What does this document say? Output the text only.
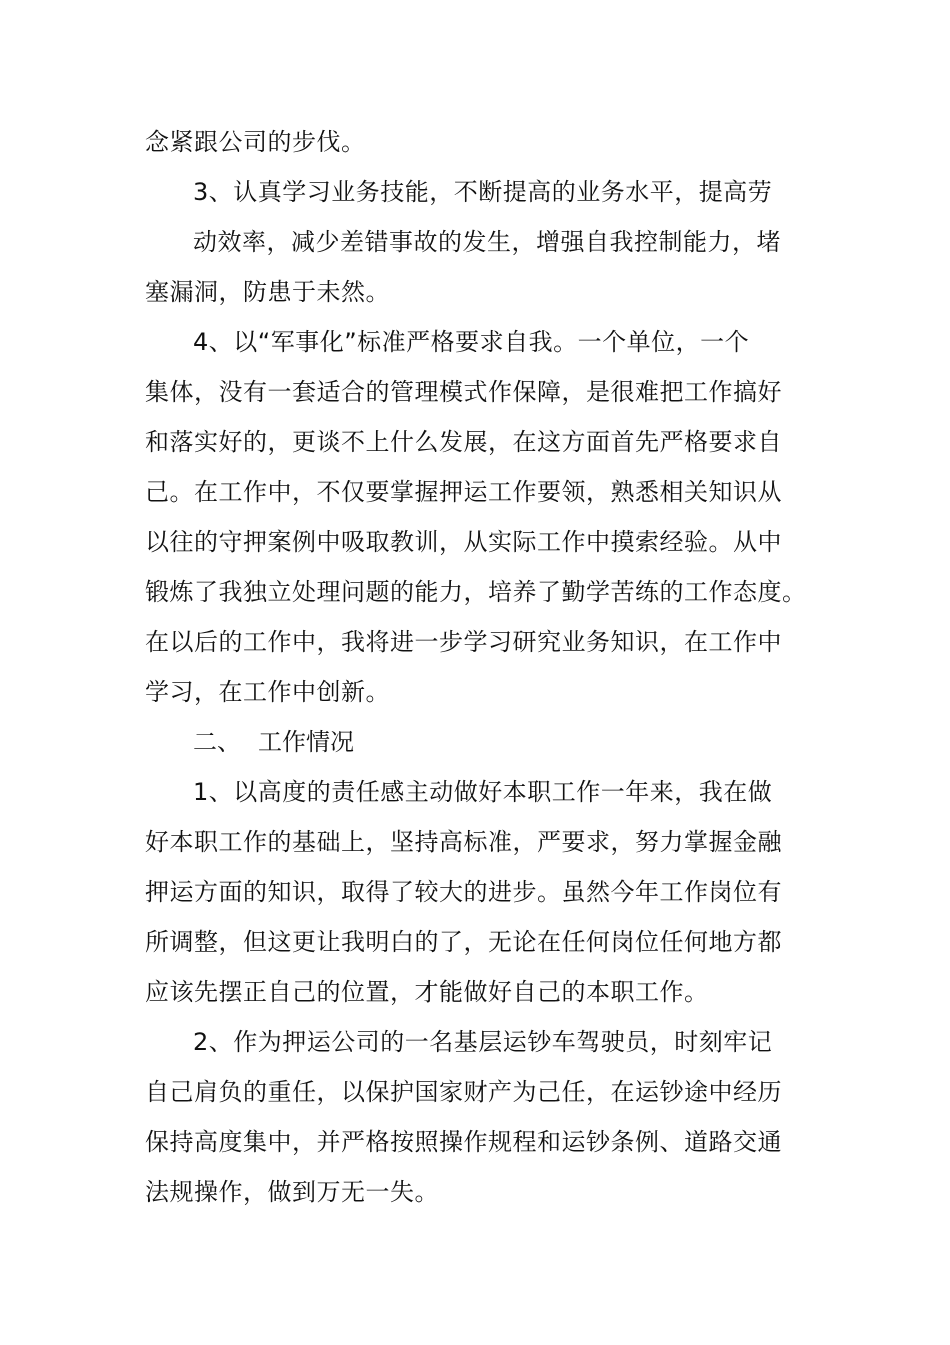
念紧跟公司的步伐。
3、认真学习业务技能，不断提高的业务水平，提高劳
动效率，减少差错事故的发生，增强自我控制能力，堵
塞漏洞，防患于未然。
4、以“军事化”标准严格要求自我。一个单位，一个
集体，没有一套适合的管理模式作保障，是很难把工作搞好
和落实好的，更谈不上什么发展，在这方面首先严格要求自
己。在工作中，不仅要掌握押运工作要领，熟悉相关知识从
以往的守押案例中吸取教训，从实际工作中摸索经验。从中
锻炼了我独立处理问题的能力，培养了勤学苦练的工作态度。
在以后的工作中，我将进一步学习研究业务知识，在工作中
学习，在工作中创新。
二、 工作情况
1、以高度的责任感主动做好本职工作一年来，我在做
好本职工作的基础上，坚持高标准，严要求，努力掌握金融
押运方面的知识，取得了较大的进步。虽然今年工作岗位有
所调整，但这更让我明白的了，无论在任何岗位任何地方都
应该先摆正自己的位置，才能做好自己的本职工作。
2、作为押运公司的一名基层运钞车驾驶员，时刻牢记
自己肩负的重任，以保护国家财产为己任，在运钞途中经历
保持高度集中，并严格按照操作规程和运钞条例、道路交通
法规操作，做到万无一失。
